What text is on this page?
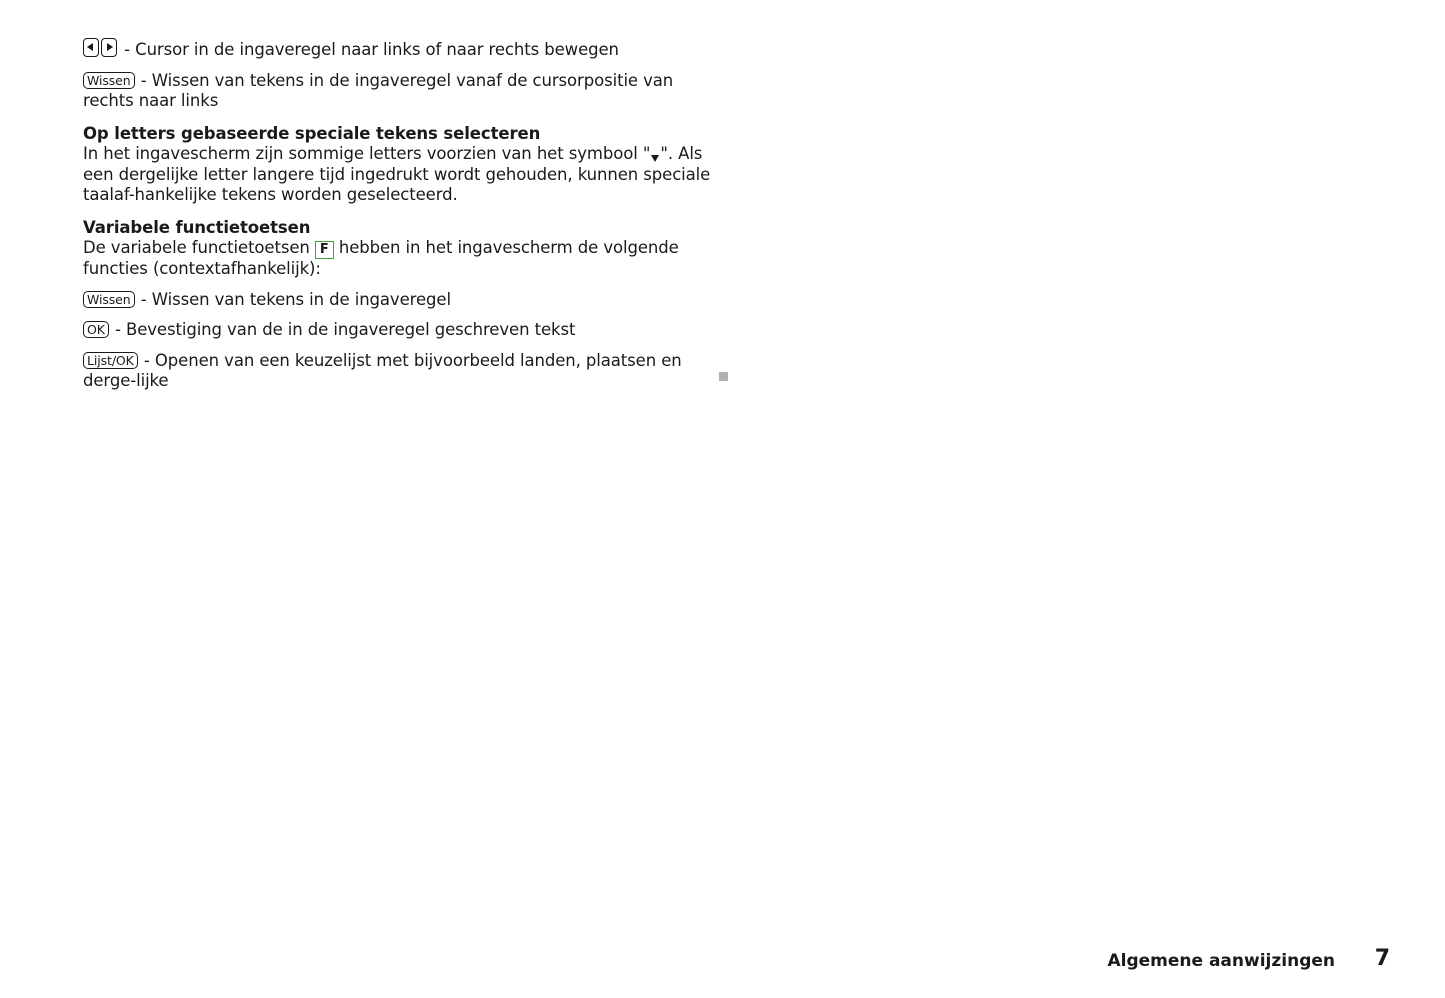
- Cursor in de ingaveregel naar links of naar rechts bewegen

Wissen - Wissen van tekens in de ingaveregel vanaf de cursorpositie van rechts naar links

Op letters gebaseerde speciale tekens selecteren

In het ingavescherm zijn sommige letters voorzien van het symbool " ". Als een dergelijke letter langere tijd ingedrukt wordt gehouden, kunnen speciale taalaf-hankelijke tekens worden geselecteerd.

Variabele functietoetsen

De variabele functietoetsen F hebben in het ingavescherm de volgende functies (contextafhankelijk):

Wissen - Wissen van tekens in de ingaveregel

OK - Bevestiging van de in de ingaveregel geschreven tekst

Lijst/OK - Openen van een keuzelijst met bijvoorbeeld landen, plaatsen en derge-lijke

Algemene aanwijzingen 7
